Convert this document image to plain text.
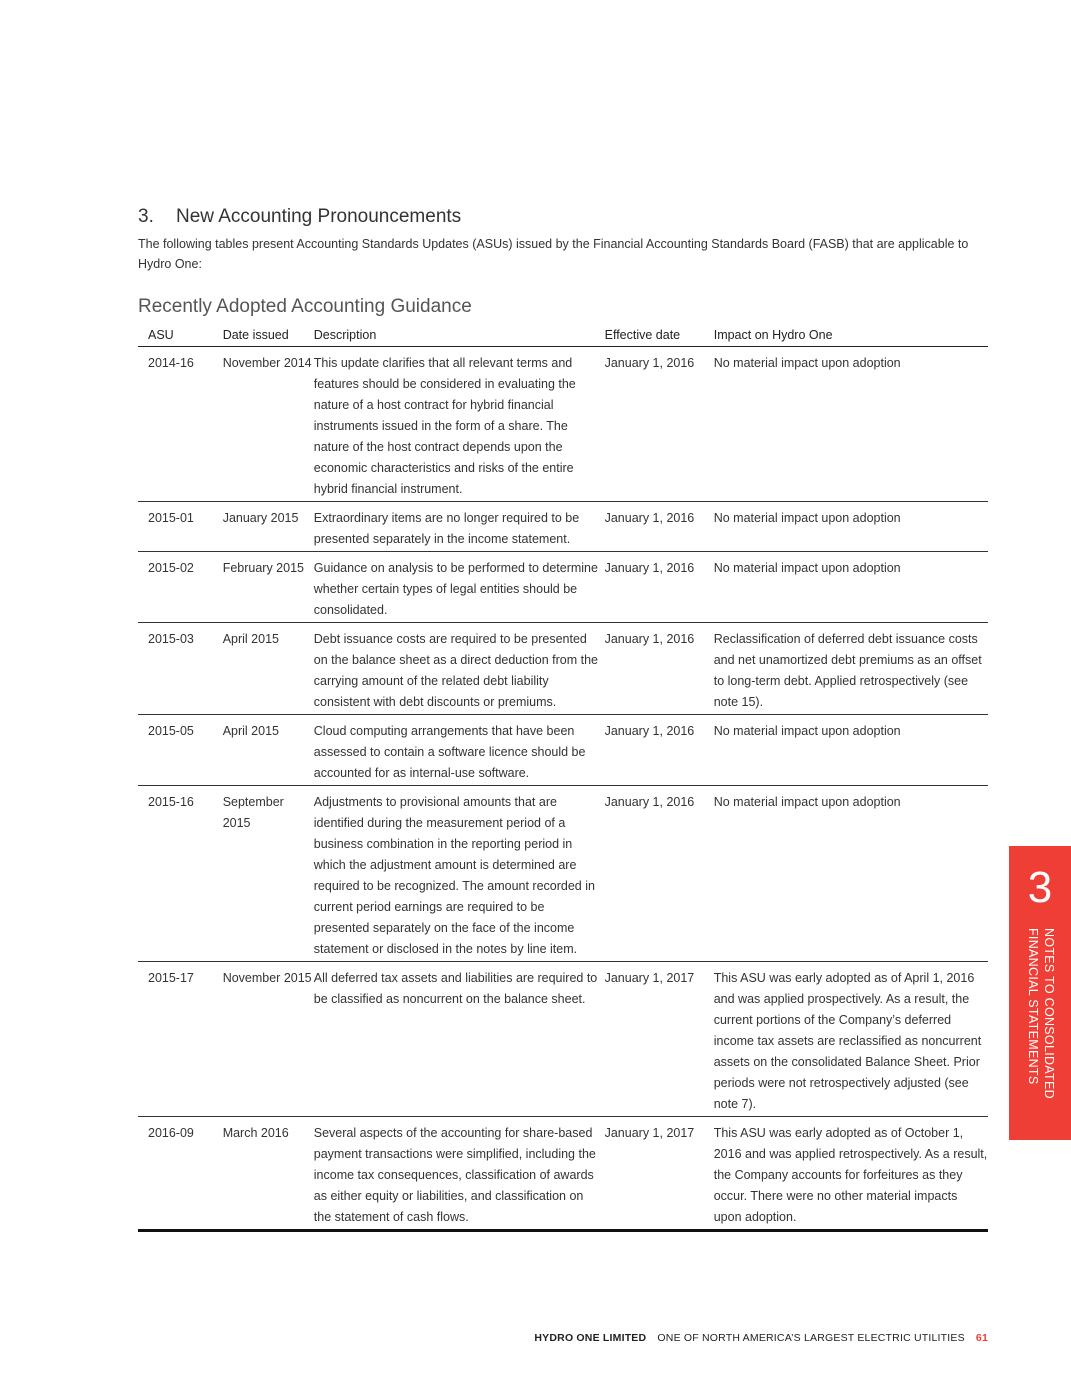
3. New Accounting Pronouncements

The following tables present Accounting Standards Updates (ASUs) issued by the Financial Accounting Standards Board (FASB) that are applicable to Hydro One:

Recently Adopted Accounting Guidance
ASU	Date issued	Description	Effective date	Impact on Hydro One
2014-16	November 2014	This update clarifies that all relevant terms and features should be considered in evaluating the nature of a host contract for hybrid financial instruments issued in the form of a share. The nature of the host contract depends upon the economic characteristics and risks of the entire hybrid financial instrument.	January 1, 2016	No material impact upon adoption
2015-01	January 2015	Extraordinary items are no longer required to be presented separately in the income statement.	January 1, 2016	No material impact upon adoption
2015-02	February 2015	Guidance on analysis to be performed to determine whether certain types of legal entities should be consolidated.	January 1, 2016	No material impact upon adoption
2015-03	April 2015	Debt issuance costs are required to be presented on the balance sheet as a direct deduction from the carrying amount of the related debt liability consistent with debt discounts or premiums.	January 1, 2016	Reclassification of deferred debt issuance costs and net unamortized debt premiums as an offset to long-term debt. Applied retrospectively (see note 15).
2015-05	April 2015	Cloud computing arrangements that have been assessed to contain a software licence should be accounted for as internal-use software.	January 1, 2016	No material impact upon adoption
2015-16	September 2015	Adjustments to provisional amounts that are identified during the measurement period of a business combination in the reporting period in which the adjustment amount is determined are required to be recognized. The amount recorded in current period earnings are required to be presented separately on the face of the income statement or disclosed in the notes by line item.	January 1, 2016	No material impact upon adoption
2015-17	November 2015	All deferred tax assets and liabilities are required to be classified as noncurrent on the balance sheet.	January 1, 2017	This ASU was early adopted as of April 1, 2016 and was applied prospectively. As a result, the current portions of the Company’s deferred income tax assets are reclassified as noncurrent assets on the consolidated Balance Sheet. Prior periods were not retrospectively adjusted (see note 7).
2016-09	March 2016	Several aspects of the accounting for share-based payment transactions were simplified, including the income tax consequences, classification of awards as either equity or liabilities, and classification on the statement of cash flows.	January 1, 2017	This ASU was early adopted as of October 1, 2016 and was applied retrospectively. As a result, the Company accounts for forfeitures as they occur. There were no other material impacts upon adoption.
3
NOTES TO CONSOLIDATED
FINANCIAL STATEMENTS
HYDRO ONE LIMITED ONE OF NORTH AMERICA’S LARGEST ELECTRIC UTILITIES 61
